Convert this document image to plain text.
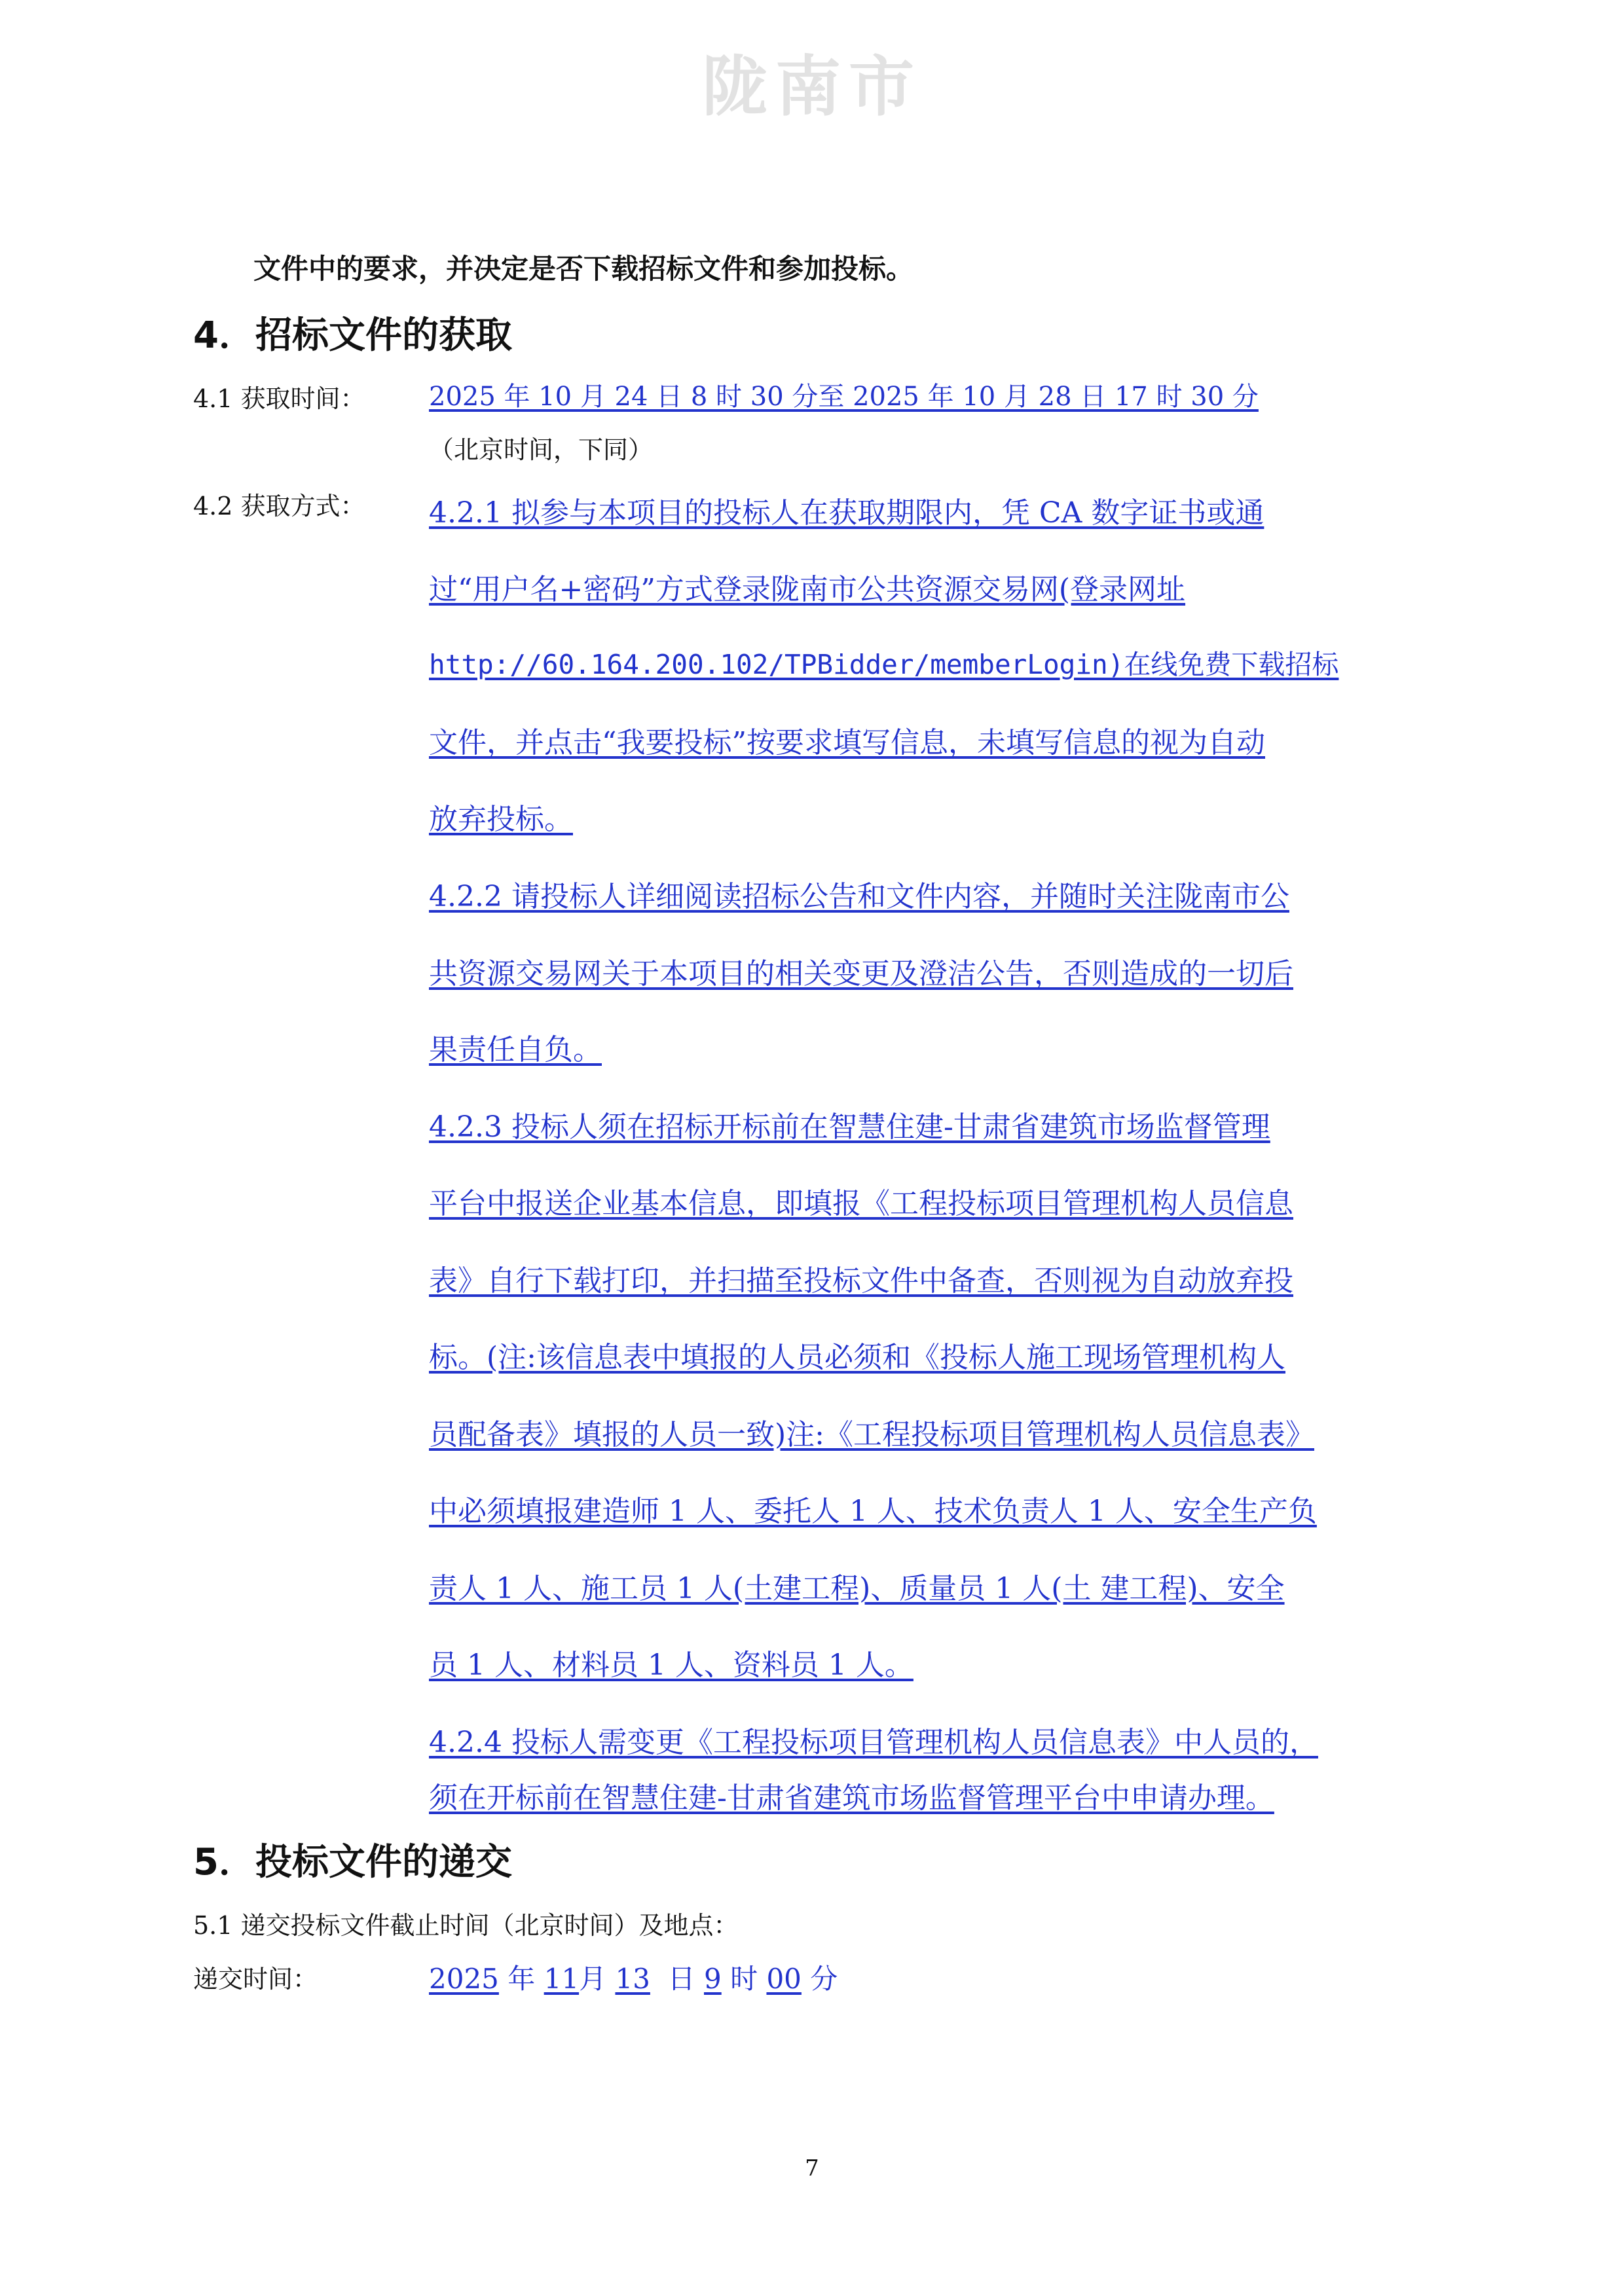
陇南市
文件中的要求，并决定是否下载招标文件和参加投标。
4．招标文件的获取
4.1 获取时间： 2025 年 10 月 24 日 8 时 30 分至 2025 年 10 月 28 日 17 时 30 分
（北京时间，下同）
4.2 获取方式： 4.2.1 拟参与本项目的投标人在获取期限内，凭 CA 数字证书或通
过“用户名+密码”方式登录陇南市公共资源交易网(登录网址
http://60.164.200.102/TPBidder/memberLogin)在线免费下载招标
文件，并点击“我要投标”按要求填写信息，未填写信息的视为自动
放弃投标。
4.2.2 请投标人详细阅读招标公告和文件内容，并随时关注陇南市公
共资源交易网关于本项目的相关变更及澄洁公告，否则造成的一切后
果责任自负。
4.2.3 投标人须在招标开标前在智慧住建-甘肃省建筑市场监督管理
平台中报送企业基本信息，即填报《工程投标项目管理机构人员信息
表》自行下载打印，并扫描至投标文件中备查，否则视为自动放弃投
标。(注:该信息表中填报的人员必须和《投标人施工现场管理机构人
员配备表》填报的人员一致)注:《工程投标项目管理机构人员信息表》
中必须填报建造师 1 人、委托人 1 人、技术负责人 1 人、安全生产负
责人 1 人、施工员 1 人(土建工程)、质量员 1 人(土 建工程)、安全
员 1 人、材料员 1 人、资料员 1 人。
4.2.4 投标人需变更《工程投标项目管理机构人员信息表》中人员的，
须在开标前在智慧住建-甘肃省建筑市场监督管理平台中申请办理。
5．投标文件的递交
5.1 递交投标文件截止时间（北京时间）及地点：
递交时间：	2025 年 11月 13 日 9 时 00 分
7
